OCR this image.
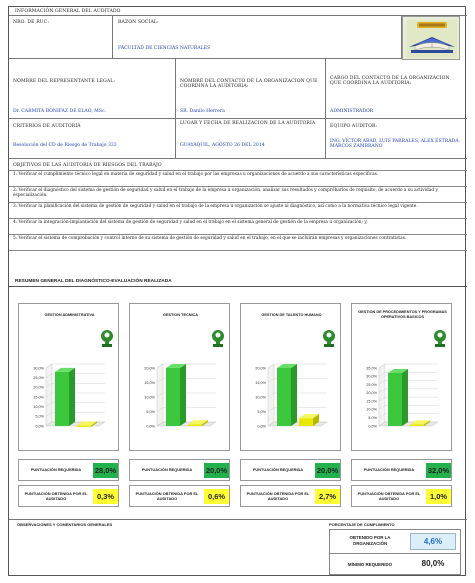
INFORMACIÓN GENERAL DEL AUDITADO
NRO. DE RUC:	RAZON SOCIAL:
FACULTAD DE CIENCIAS NATURALES
NOMBRE DEL REPRESENTANTE LEGAL:
Dr. CARMITA BONIFAZ DE ELAO, MSc.
NOMBRE DEL CONTACTO DE LA ORGANIZACION QUE COORDINA LA AUDITORIA:
SR. Danilo Herrera
CARGO DEL CONTACTO DE LA ORGANIZACION QUE COORDINA LA AUDITORIA:
ADMINISTRADOR
CRITERIOS DE AUDITORIA
Resolución del CD de Riesgo de Trabajo 333
LUGAR Y FECHA DE REALIZACION DE LA AUDITORIA
GUAYAQUIL, AGOSTO 26 DEL 2014
EQUIPO AUDITOR:
ING. VICTOR ABAD, LUIS PARRALES, ALEX ESTRADA, MARCOS ZAMBRANO
OBJETIVOS DE LAS AUDITORIA DE RIESGOS DEL TRABAJO
1. Verificar el cumplimiento técnico legal en materia de seguridad y salud en el trabajo por las empresas u organizaciones de acuerdo a sus características específicas.
2. Verificar el diagnóstico del sistema de gestión de seguridad y salud en el trabajo de la empresa u organización, analizar sus resultados y compróbarlos de requisito, de acuerdo a su actividad y especialización.
3. Verificar la planificación del sistema de gestión de seguridad y salud en el trabajo de la empresa u organización se ajuste al diagnóstico, así como a la normativa técnico legal vigente.
4. Verificar la integración-implantación del sistema de gestión de seguridad y salud en el trabajo en el sistema general de gestión de la empresa u organización; y,
5. Verificar el sistema de comprobación y control interno de su sistema de gestión de seguridad y salud en el trabajo, en el que se incluirán empresas y organizaciones contratistas.
RESUMEN GENERAL DEL DIAGNÓSTICO-EVALUACIÓN REALIZADA
GESTION ADMINISTRATIVA
0,0%
5,0%
10,0%
15,0%
20,0%
25,0%
30,0%
GESTION TECNICA
0,0%
5,0%
10,0%
15,0%
20,0%
GESTION DE TALENTO HUMANO
0,0%
5,0%
10,0%
15,0%
20,0%
GESTION DE PROCEDIMIENTOS Y PROGRAMAS OPERATIVOS BASICOS
0,0%
5,0%
10,0%
15,0%
20,0%
25,0%
30,0%
35,0%
PUNTUACIÓN REQUERIDA	28,0%
PUNTUACIÓN OBTENIDA POR EL AUDITADO	0,3%
PUNTUACIÓN REQUERIDA	20,0%
PUNTUACIÓN OBTENIDA POR EL AUDITADO	0,6%
PUNTUACIÓN REQUERIDA	20,0%
PUNTUACIÓN OBTENIDA POR EL AUDITADO	2,7%
PUNTUACIÓN REQUERIDA	32,0%
PUNTUACIÓN OBTENIDA POR EL AUDITADO	1,0%
OBSERVACIONES Y COMENTARIOS GENERALES	PORCENTAJE DE CUMPLIMIENTO
OBTENIDO POR LA ORGANIZACIÓN	4,6%
MÍNIMO REQUERIDO	80,0%
